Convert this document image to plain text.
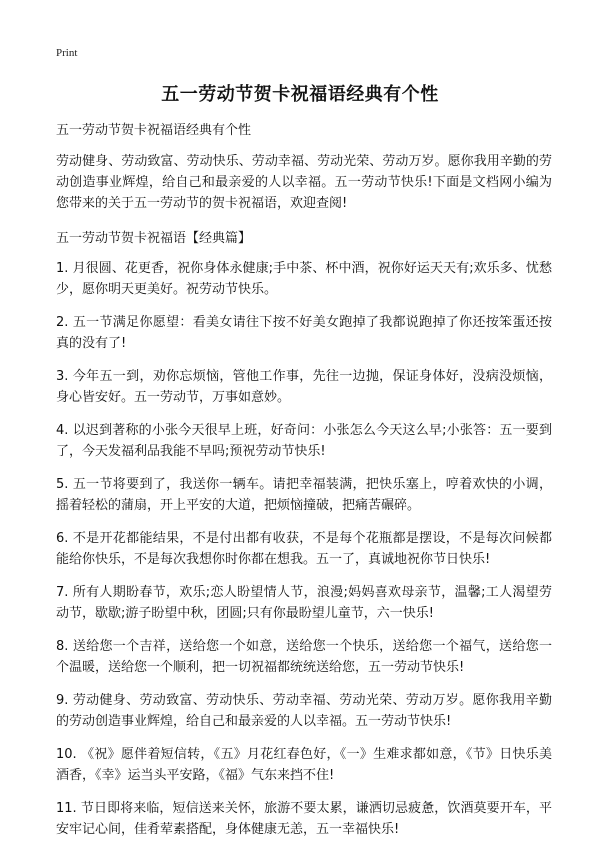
Print
五一劳动节贺卡祝福语经典有个性

五一劳动节贺卡祝福语经典有个性

劳动健身、劳动致富、劳动快乐、劳动幸福、劳动光荣、劳动万岁。愿你我用辛勤的劳动创造事业辉煌，给自己和最亲爱的人以幸福。五一劳动节快乐!下面是文档网小编为您带来的关于五一劳动节的贺卡祝福语，欢迎查阅!

五一劳动节贺卡祝福语【经典篇】

1. 月很圆、花更香，祝你身体永健康;手中茶、杯中酒，祝你好运天天有;欢乐多、忧愁少，愿你明天更美好。祝劳动节快乐。

2. 五一节满足你愿望：看美女请往下按不好美女跑掉了我都说跑掉了你还按笨蛋还按真的没有了!

3. 今年五一到，劝你忘烦恼，管他工作事，先往一边抛，保证身体好，没病没烦恼，身心皆安好。五一劳动节，万事如意妙。

4. 以迟到著称的小张今天很早上班，好奇问：小张怎么今天这么早;小张答：五一要到了，今天发福利品我能不早吗;预祝劳动节快乐!

5. 五一节将要到了，我送你一辆车。请把幸福装满，把快乐塞上，哼着欢快的小调，摇着轻松的蒲扇，开上平安的大道，把烦恼撞破，把痛苦碾碎。

6. 不是开花都能结果，不是付出都有收获，不是每个花瓶都是摆设，不是每次问候都能给你快乐，不是每次我想你时你都在想我。五一了，真诚地祝你节日快乐!

7. 所有人期盼春节，欢乐;恋人盼望情人节，浪漫;妈妈喜欢母亲节，温馨;工人渴望劳动节，歇歇;游子盼望中秋，团圆;只有你最盼望儿童节，六一快乐!

8. 送给您一个吉祥，送给您一个如意，送给您一个快乐，送给您一个福气，送给您一个温暖，送给您一个顺利，把一切祝福都统统送给您，五一劳动节快乐!

9. 劳动健身、劳动致富、劳动快乐、劳动幸福、劳动光荣、劳动万岁。愿你我用辛勤的劳动创造事业辉煌，给自己和最亲爱的人以幸福。五一劳动节快乐!

10. 《祝》愿伴着短信转，《五》月花红春色好，《一》生难求都如意，《节》日快乐美酒香，《幸》运当头平安路，《福》气东来挡不住!

11. 节日即将来临，短信送来关怀，旅游不要太累，谦洒切忌疲惫，饮酒莫要开车，平安牢记心间，佳肴荤素搭配，身体健康无恙，五一幸福快乐!
